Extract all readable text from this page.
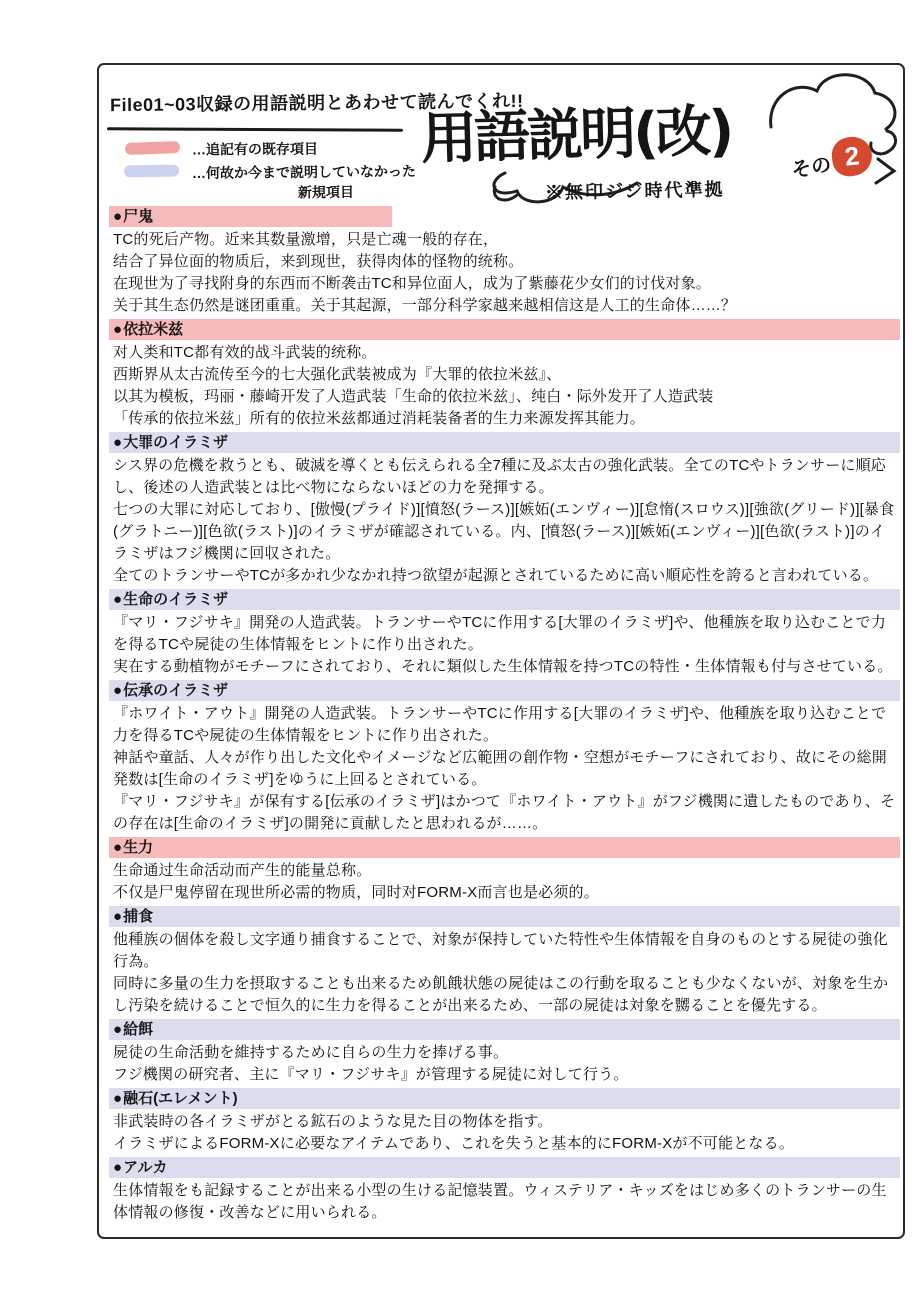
File01~03収録の用語説明とあわせて読んでくれ!!
…追記有の既存項目
…何故か今まで説明していなかった
新規項目
用語説明(改)	その 2
※無印ジジ時代準拠
●尸鬼

TC的死后产物。近来其数量激增，只是亡魂一般的存在，

结合了异位面的物质后，来到现世，获得肉体的怪物的统称。

在现世为了寻找附身的东西而不断袭击TC和异位面人，成为了紫藤花少女们的讨伐对象。

关于其生态仍然是谜团重重。关于其起源，一部分科学家越来越相信这是人工的生命体……？

●依拉米兹

对人类和TC都有效的战斗武装的统称。

西斯界从太古流传至今的七大强化武装被成为『大罪的依拉米兹』、

以其为模板，玛丽・藤崎开发了人造武装「生命的依拉米兹」、纯白・际外发开了人造武装

「传承的依拉米兹」所有的依拉米兹都通过消耗装备者的生力来源发挥其能力。

●大罪のイラミザ

シス界の危機を救うとも、破滅を導くとも伝えられる全7種に及ぶ太古の強化武装。全てのTCやトランサーに順応し、後述の人造武装とは比べ物にならないほどの力を発揮する。

七つの大罪に対応しており、[傲慢(プライド)][憤怒(ラース)][嫉妬(エンヴィー)][怠惰(スロウス)][強欲(グリード)][暴食(グラトニー)][色欲(ラスト)]のイラミザが確認されている。内、[憤怒(ラース)][嫉妬(エンヴィー)][色欲(ラスト)]のイラミザはフジ機関に回収された。

全てのトランサーやTCが多かれ少なかれ持つ欲望が起源とされているために高い順応性を誇ると言われている。

●生命のイラミザ

『マリ・フジサキ』開発の人造武装。トランサーやTCに作用する[大罪のイラミザ]や、他種族を取り込むことで力を得るTCや屍徒の生体情報をヒントに作り出された。

実在する動植物がモチーフにされており、それに類似した生体情報を持つTCの特性・生体情報も付与させている。

●伝承のイラミザ

『ホワイト・アウト』開発の人造武装。トランサーやTCに作用する[大罪のイラミザ]や、他種族を取り込むことで力を得るTCや屍徒の生体情報をヒントに作り出された。

神話や童話、人々が作り出した文化やイメージなど広範囲の創作物・空想がモチーフにされており、故にその総開発数は[生命のイラミザ]をゆうに上回るとされている。

『マリ・フジサキ』が保有する[伝承のイラミザ]はかつて『ホワイト・アウト』がフジ機関に遺したものであり、その存在は[生命のイラミザ]の開発に貢献したと思われるが……。

●生力

生命通过生命活动而产生的能量总称。

不仅是尸鬼停留在现世所必需的物质，同时对FORM-X而言也是必须的。

●捕食

他種族の個体を殺し文字通り捕食することで、対象が保持していた特性や生体情報を自身のものとする屍徒の強化行為。

同時に多量の生力を摂取することも出来るため飢餓状態の屍徒はこの行動を取ることも少なくないが、対象を生かし汚染を続けることで恒久的に生力を得ることが出来るため、一部の屍徒は対象を嬲ることを優先する。

●給餌

屍徒の生命活動を維持するために自らの生力を捧げる事。

フジ機関の研究者、主に『マリ・フジサキ』が管理する屍徒に対して行う。

●融石(エレメント)

非武装時の各イラミザがとる鉱石のような見た目の物体を指す。

イラミザによるFORM-Xに必要なアイテムであり、これを失うと基本的にFORM-Xが不可能となる。

●アルカ

生体情報をも記録することが出来る小型の生ける記憶装置。ウィステリア・キッズをはじめ多くのトランサーの生体情報の修復・改善などに用いられる。
